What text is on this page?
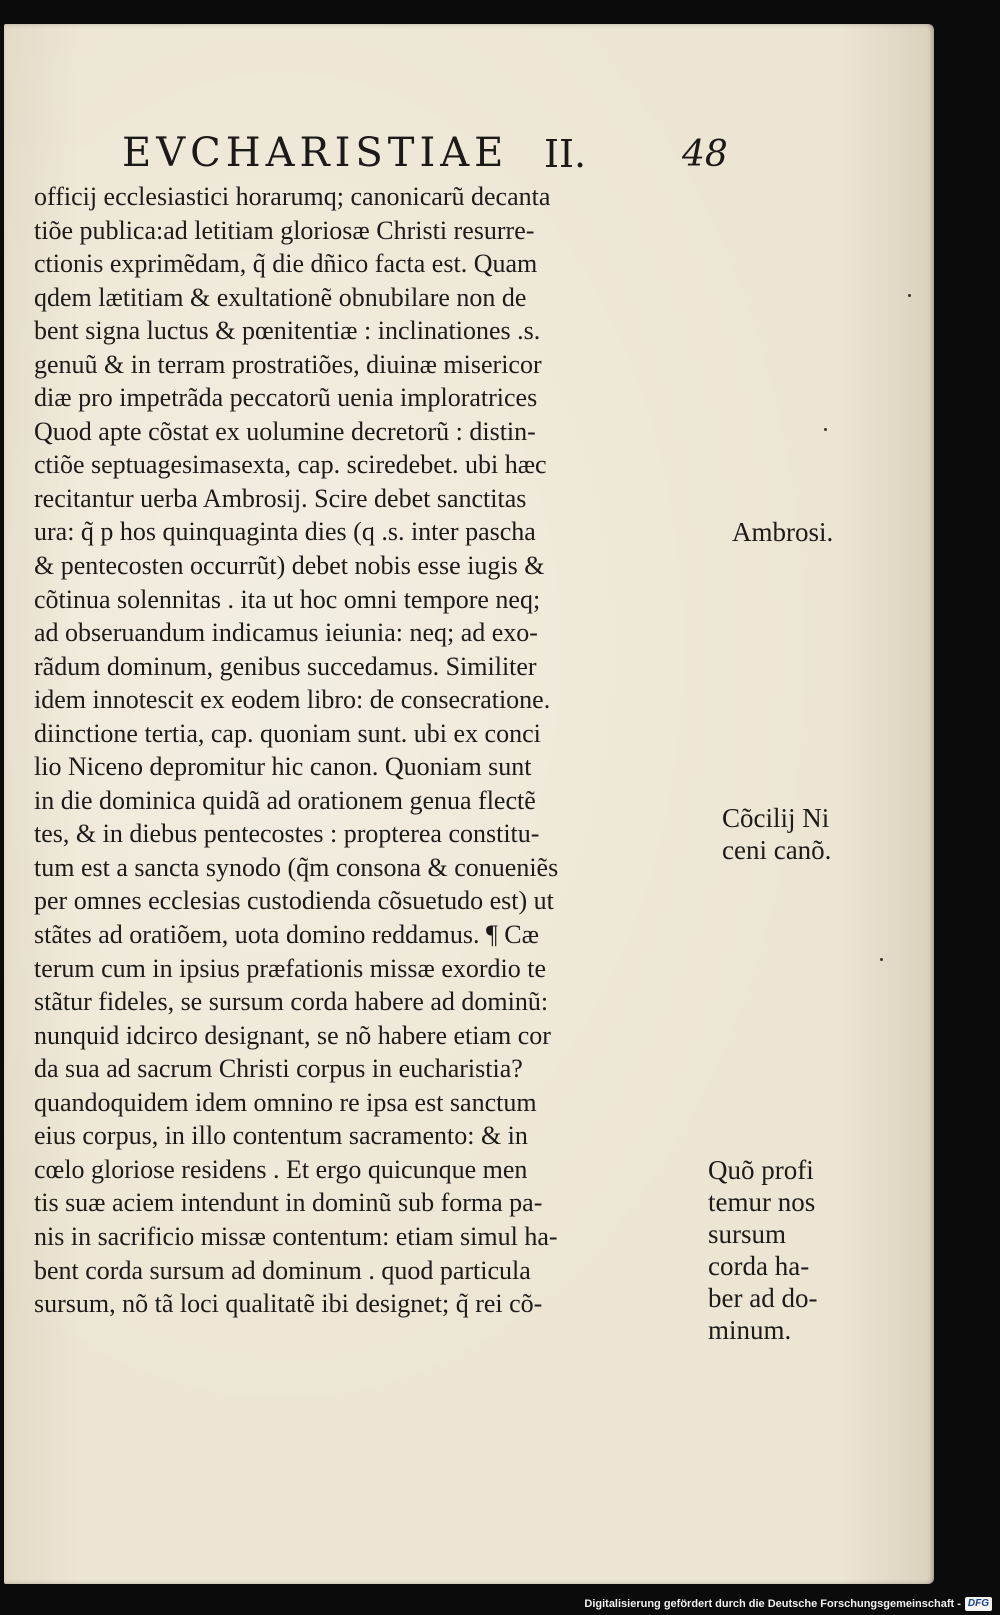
EVCHARISTIAE II.	48
officij ecclesiastici horarumq; canonicarũ decanta
tiõe publica:ad letitiam gloriosæ Christi resurre-
ctionis exprimẽdam, q̃ die dñico facta est. Quam
qdem lætitiam & exultationẽ obnubilare non de
bent signa luctus & pœnitentiæ : inclinationes .s.
genuũ & in terram prostratiões, diuinæ misericor
diæ pro impetrãda peccatorũ uenia imploratrices
Quod apte cõstat ex uolumine decretorũ : distin-
ctiõe septuagesimasexta, cap. sciredebet. ubi hæc
recitantur uerba Ambrosij. Scire debet sanctitas
ura: q̃ p hos quinquaginta dies (q .s. inter pascha
& pentecosten occurrũt) debet nobis esse iugis &
cõtinua solennitas . ita ut hoc omni tempore neq;
ad obseruandum indicamus ieiunia: neq; ad exo-
rãdum dominum, genibus succedamus. Similiter
idem innotescit ex eodem libro: de consecratione.
diinctione tertia, cap. quoniam sunt. ubi ex conci
lio Niceno depromitur hic canon. Quoniam sunt
in die dominica quidã ad orationem genua flectẽ
tes, & in diebus pentecostes : propterea constitu-
tum est a sancta synodo (q̃m consona & conueniẽs
per omnes ecclesias custodienda cõsuetudo est) ut
stãtes ad oratiõem, uota domino reddamus. ¶ Cæ
terum cum in ipsius præfationis missæ exordio te
stãtur fideles, se sursum corda habere ad dominũ:
nunquid idcirco designant, se nõ habere etiam cor
da sua ad sacrum Christi corpus in eucharistia?
quandoquidem idem omnino re ipsa est sanctum
eius corpus, in illo contentum sacramento: & in
cœlo gloriose residens . Et ergo quicunque men
tis suæ aciem intendunt in dominũ sub forma pa-
nis in sacrificio missæ contentum: etiam simul ha-
bent corda sursum ad dominum . quod particula
sursum, nõ tã loci qualitatẽ ibi designet; q̃ rei cõ-
Ambrosi.
Cõcilij Ni
ceni canõ.
Quõ profi
temur nos
sursum
corda ha-
ber ad do-
minum.
Digitalisierung gefördert durch die Deutsche Forschungsgemeinschaft - DFG
